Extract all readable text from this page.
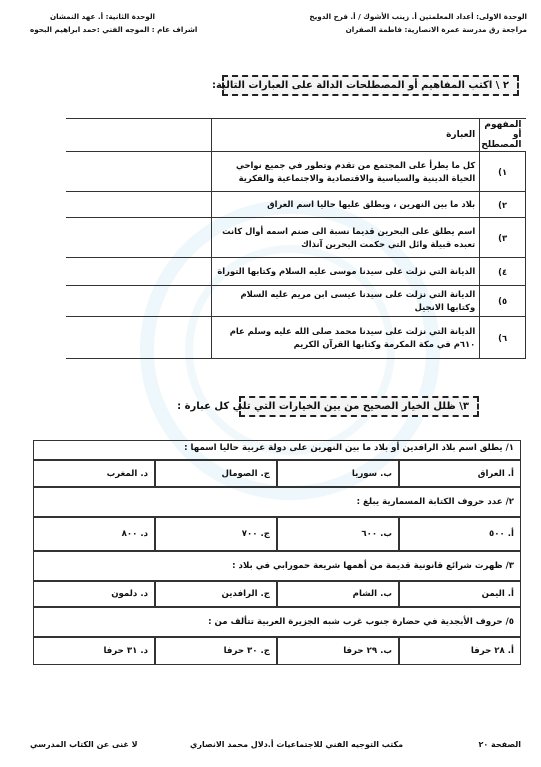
الوحدة الاولى: أعداد المعلمتين أ. زينب الأشوك / أ. فرح الدويخ
مراجعة رق مدرسة عمرة الانصارية: فاطمة الصفران
الوحدة الثانية: أ. عهد النمشان
اشراف عام : الموجه الفني :حمد ابراهيم البحوه
٢ \ اكتب المفاهيم أو المصطلحات الدالة على العبارات التالية:
المفهوم أو المصطلح	العبارة	
١)	كل ما يطرأ على المجتمع من تقدم وتطور في جميع نواحي الحياة الدينية والسياسية والاقتصادية والاجتماعية والفكرية	
٢)	بلاد ما بين النهرين ، ويطلق عليها حاليا اسم العراق	
٣)	اسم يطلق على البحرين قديما نسبة الى صنم اسمه أوال كانت تعبده قبيلة وائل التي حكمت البحرين آنذاك	
٤)	الديانة التي نزلت على سيدنا موسى عليه السلام وكتابها التوراة	
٥)	الديانة التي نزلت على سيدنا عيسى ابن مريم عليه السلام وكتابها الانجيل	
٦)	الديانة التي نزلت على سيدنا محمد صلى الله عليه وسلم عام ٦١٠م في مكة المكرمة وكتابها القرآن الكريم	
٣\ ظلل الخيار الصحيح من بين الخيارات التي تلي كل عبارة :
١/ يطلق اسم بلاد الرافدين أو بلاد ما بين النهرين على دولة عربية حاليا اسمها :
أ. العراق
ب. سوريا
ج. الصومال
د. المغرب
٢/ عدد حروف الكتابة المسمارية يبلغ :
أ. ٥٠٠
ب. ٦٠٠
ج. ٧٠٠
د. ٨٠٠
٣/ ظهرت شرائع قانونية قديمة من أهمها شريعة حمورابي في بلاد :
أ. اليمن
ب. الشام
ج. الرافدين
د. دلمون
٥/ حروف الأبجدية في حضارة جنوب غرب شبه الجزيرة العربية تتألف من :
أ. ٢٨ حرفا
ب. ٢٩ حرفا
ج. ٣٠ حرفا
د. ٣١ حرفا
الصفحة ٢٠
مكتب التوجيه الفني للاجتماعيات أ.دلال محمد الانصاري
لا غنى عن الكتاب المدرسي
